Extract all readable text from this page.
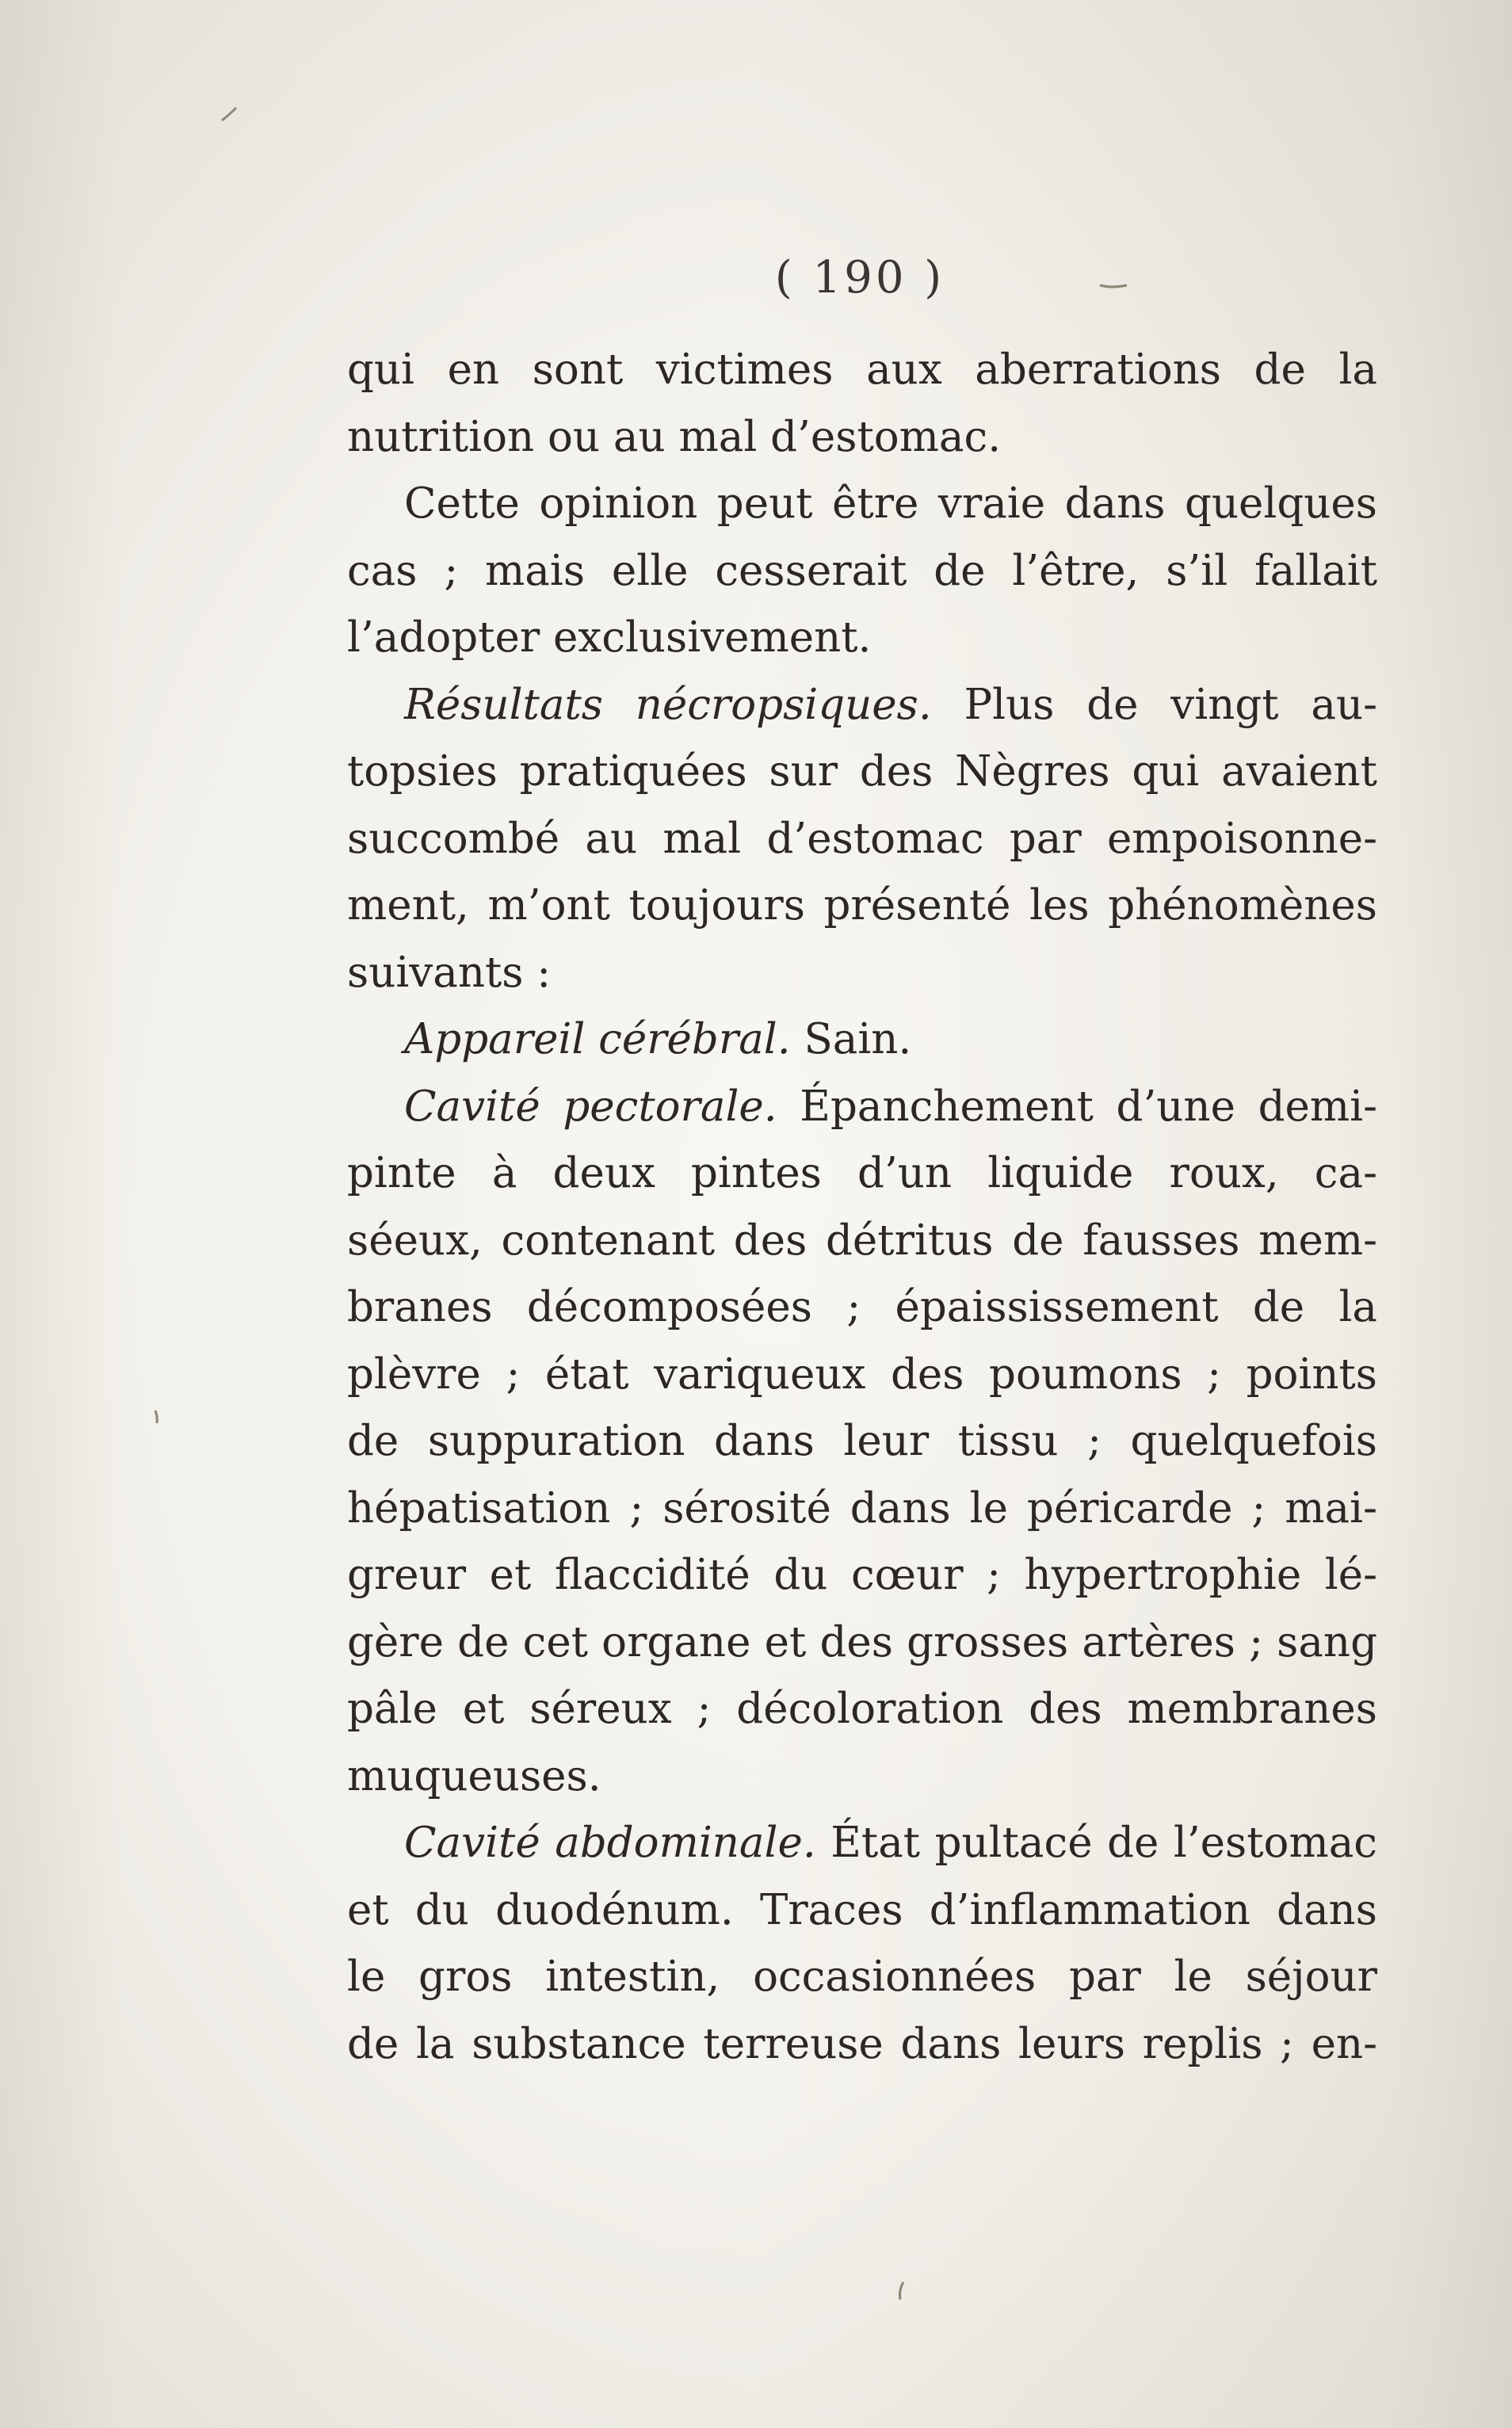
( 190 )
qui en sont victimes aux aberrations de la
nutrition ou au mal d’estomac.
Cette opinion peut être vraie dans quelques
cas ; mais elle cesserait de l’être, s’il fallait
l’adopter exclusivement.
Résultats nécropsiques. Plus de vingt au-
topsies pratiquées sur des Nègres qui avaient
succombé au mal d’estomac par empoisonne-
ment, m’ont toujours présenté les phénomènes
suivants :
Appareil cérébral. Sain.
Cavité pectorale. Épanchement d’une demi-
pinte à deux pintes d’un liquide roux, ca-
séeux, contenant des détritus de fausses mem-
branes décomposées ; épaississement de la
plèvre ; état variqueux des poumons ; points
de suppuration dans leur tissu ; quelquefois
hépatisation ; sérosité dans le péricarde ; mai-
greur et flaccidité du cœur ; hypertrophie lé-
gère de cet organe et des grosses artères ; sang
pâle et séreux ; décoloration des membranes
muqueuses.
Cavité abdominale. État pultacé de l’estomac
et du duodénum. Traces d’inflammation dans
le gros intestin, occasionnées par le séjour
de la substance terreuse dans leurs replis ; en-
